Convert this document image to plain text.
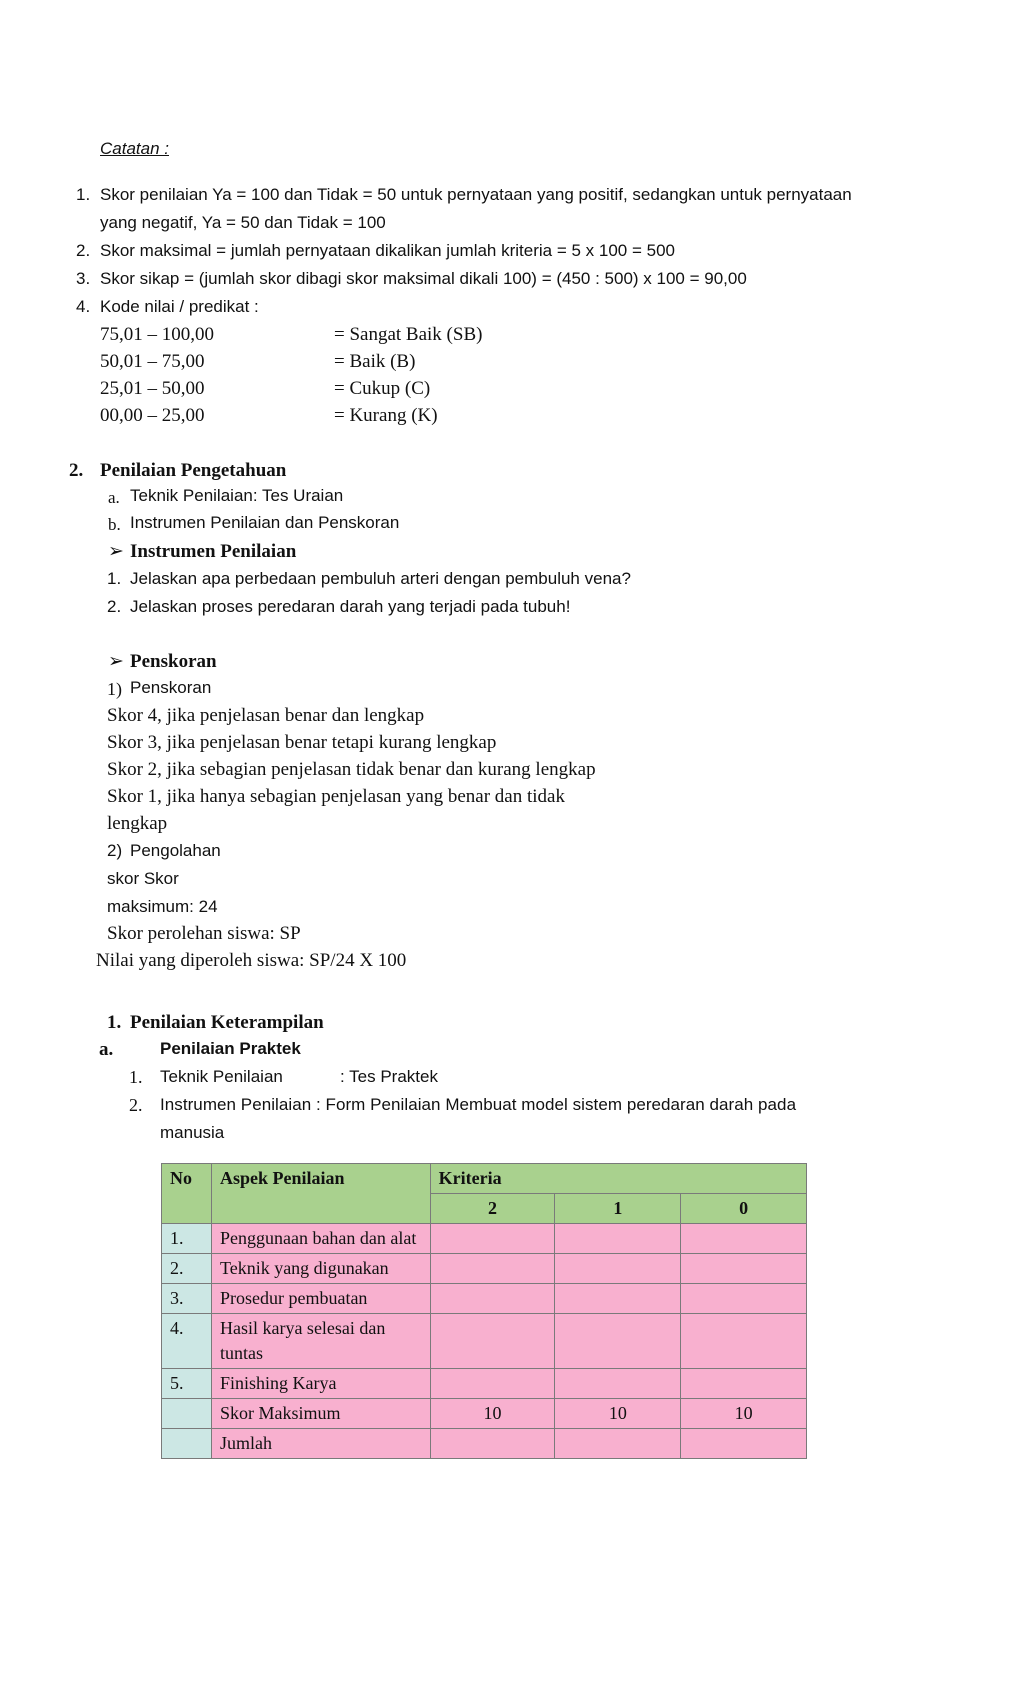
Catatan :
1. Skor penilaian Ya = 100 dan Tidak = 50 untuk pernyataan yang positif, sedangkan untuk pernyataan
yang negatif, Ya = 50 dan Tidak = 100
2. Skor maksimal = jumlah pernyataan dikalikan jumlah kriteria = 5 x 100 = 500
3. Skor sikap = (jumlah skor dibagi skor maksimal dikali 100) = (450 : 500) x 100 = 90,00
4. Kode nilai / predikat :
75,01 – 100,00	= Sangat Baik (SB)
50,01 – 75,00	= Baik (B)
25,01 – 50,00	= Cukup (C)
00,00 – 25,00	= Kurang (K)
2. Penilaian Pengetahuan
a. Teknik Penilaian: Tes Uraian
b. Instrumen Penilaian dan Penskoran
➢ Instrumen Penilaian
1. Jelaskan apa perbedaan pembuluh arteri dengan pembuluh vena?
2. Jelaskan proses peredaran darah yang terjadi pada tubuh!
➢ Penskoran
1) Penskoran
Skor 4, jika penjelasan benar dan lengkap
Skor 3, jika penjelasan benar tetapi kurang lengkap
Skor 2, jika sebagian penjelasan tidak benar dan kurang lengkap
Skor 1, jika hanya sebagian penjelasan yang benar dan tidak
lengkap
2) Pengolahan
skor Skor
maksimum: 24
Skor perolehan siswa: SP
Nilai yang diperoleh siswa: SP/24 X 100
1. Penilaian Keterampilan
a.	Penilaian Praktek
1. Teknik Penilaian	: Tes Praktek
2. Instrumen Penilaian : Form Penilaian Membuat model sistem peredaran darah pada
manusia
No	Aspek Penilaian	Kriteria		
		2	1	0
1.	Penggunaan bahan dan alat			
2.	Teknik yang digunakan			
3.	Prosedur pembuatan			
4.	Hasil karya selesai dan tuntas			
5.	Finishing Karya			
	Skor Maksimum	10	10	10
	Jumlah			
